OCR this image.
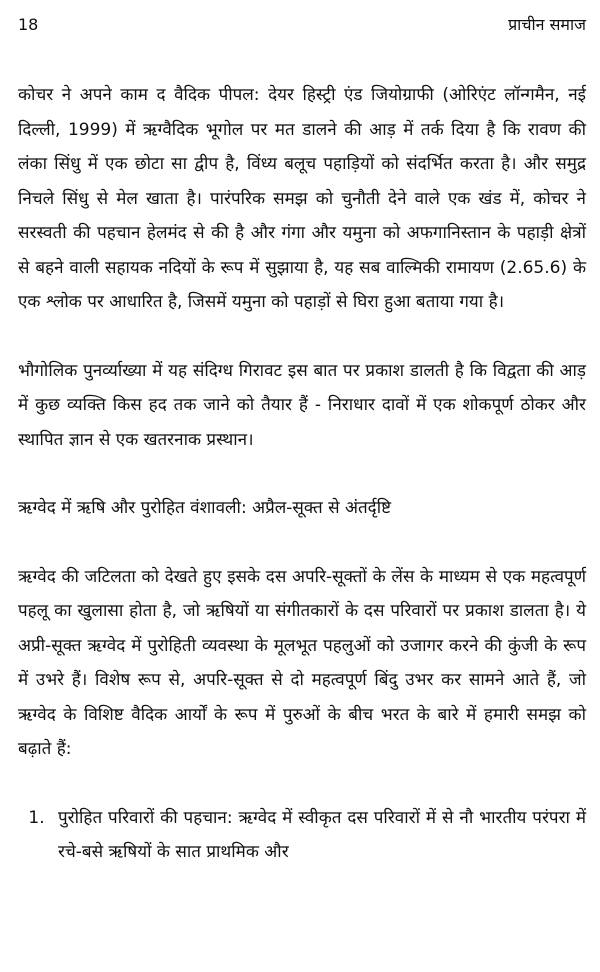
18	प्राचीन समाज

कोचर ने अपने काम द वैदिक पीपल: देयर हिस्ट्री एंड जियोग्राफी (ओरिएंट लॉन्गमैन, नई दिल्ली, 1999) में ऋग्वैदिक भूगोल पर मत डालने की आड़ में तर्क दिया है कि रावण की लंका सिंधु में एक छोटा सा द्वीप है, विंध्य बलूच पहाड़ियों को संदर्भित करता है। और समुद्र निचले सिंधु से मेल खाता है। पारंपरिक समझ को चुनौती देने वाले एक खंड में, कोचर ने सरस्वती की पहचान हेलमंद से की है और गंगा और यमुना को अफगानिस्तान के पहाड़ी क्षेत्रों से बहने वाली सहायक नदियों के रूप में सुझाया है, यह सब वाल्मिकी रामायण (2.65.6) के एक श्लोक पर आधारित है, जिसमें यमुना को पहाड़ों से घिरा हुआ बताया गया है।

भौगोलिक पुनर्व्याख्या में यह संदिग्ध गिरावट इस बात पर प्रकाश डालती है कि विद्वता की आड़ में कुछ व्यक्ति किस हद तक जाने को तैयार हैं - निराधार दावों में एक शोकपूर्ण ठोकर और स्थापित ज्ञान से एक खतरनाक प्रस्थान।

ऋग्वेद में ऋषि और पुरोहित वंशावली: अप्रैल-सूक्त से अंतर्दृष्टि

ऋग्वेद की जटिलता को देखते हुए इसके दस अपरि-सूक्तों के लेंस के माध्यम से एक महत्वपूर्ण पहलू का खुलासा होता है, जो ऋषियों या संगीतकारों के दस परिवारों पर प्रकाश डालता है। ये अप्री-सूक्त ऋग्वेद में पुरोहिती व्यवस्था के मूलभूत पहलुओं को उजागर करने की कुंजी के रूप में उभरे हैं। विशेष रूप से, अपरि-सूक्त से दो महत्वपूर्ण बिंदु उभर कर सामने आते हैं, जो ऋग्वेद के विशिष्ट वैदिक आर्यों के रूप में पुरुओं के बीच भरत के बारे में हमारी समझ को बढ़ाते हैं:

1. पुरोहित परिवारों की पहचान: ऋग्वेद में स्वीकृत दस परिवारों में से नौ भारतीय परंपरा में रचे-बसे ऋषियों के सात प्राथमिक और
